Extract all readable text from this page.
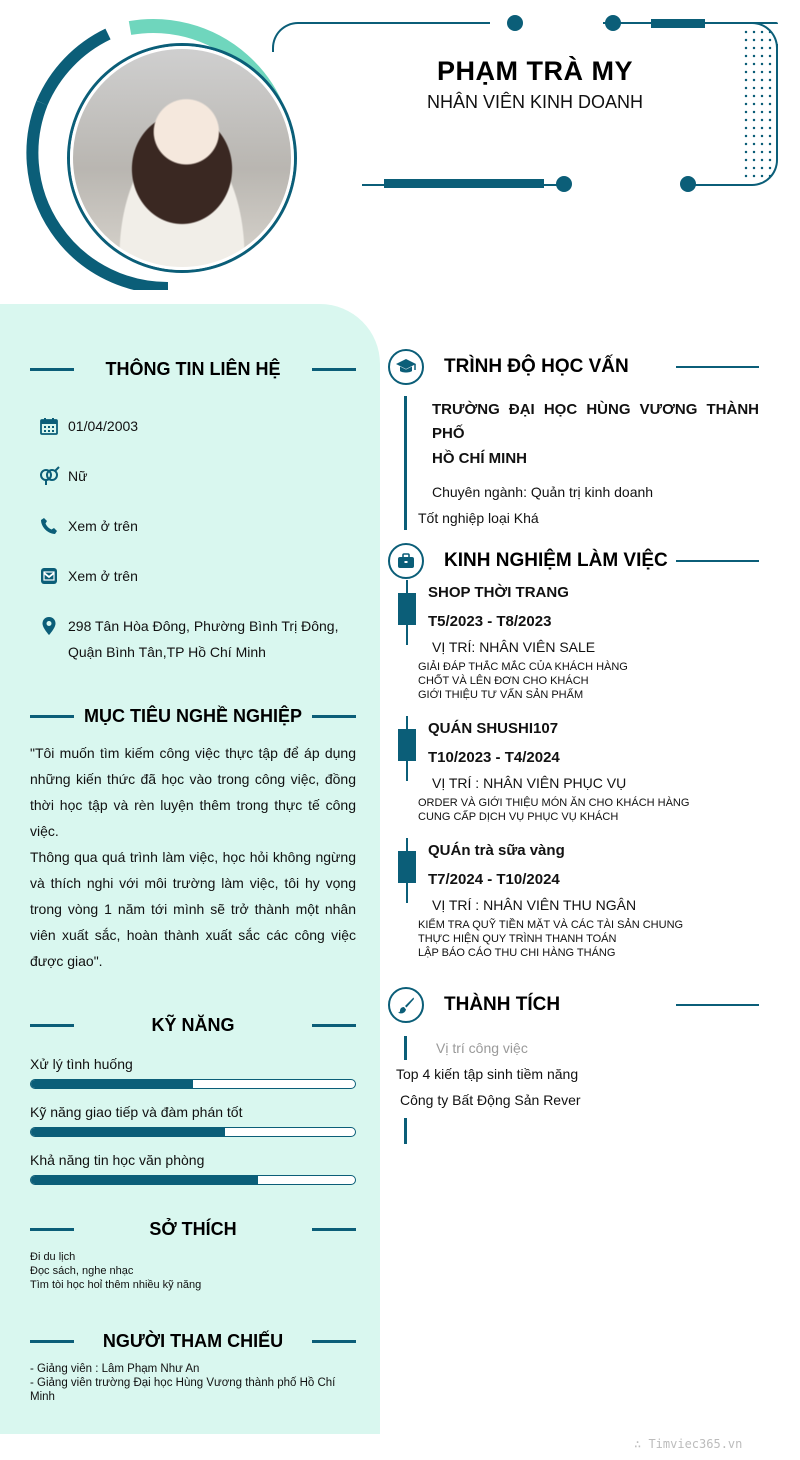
PHẠM TRÀ MY
NHÂN VIÊN KINH DOANH
THÔNG TIN LIÊN HỆ
01/04/2003
Nữ
Xem ở trên
Xem ở trên
298 Tân Hòa Đông, Phường Bình Trị Đông,
Quận Bình Tân,TP Hồ Chí Minh
MỤC TIÊU NGHỀ NGHIỆP
"Tôi muốn tìm kiếm công việc thực tập để áp dụng những kiến thức đã học vào trong công việc, đồng thời học tập và rèn luyện thêm trong thực tế công việc.
Thông qua quá trình làm việc, học hỏi không ngừng và thích nghi với môi trường làm việc, tôi hy vọng trong vòng 1 năm tới mình sẽ trở thành một nhân viên xuất sắc, hoàn thành xuất sắc các công việc được giao".
KỸ NĂNG
Xử lý tình huống
Kỹ năng giao tiếp và đàm phán tốt
Khả năng tin học văn phòng
SỞ THÍCH
Đi du lịch
Đọc sách, nghe nhạc
Tìm tòi học hoỉ thêm nhiều kỹ năng
NGƯỜI THAM CHIẾU
- Giảng viên : Lâm Phạm Như An
- Giảng viên trường Đại học Hùng Vương thành phố Hồ Chí Minh
TRÌNH ĐỘ HỌC VẤN
TRƯỜNG ĐẠI HỌC HÙNG VƯƠNG THÀNH PHỐ
HỒ CHÍ MINH
Chuyên ngành: Quản trị kinh doanh
Tốt nghiệp loại Khá
KINH NGHIỆM LÀM VIỆC
SHOP THỜI TRANG
T5/2023 - T8/2023
VỊ TRÍ: NHÂN VIÊN SALE
GIẢI ĐÁP THẮC MẮC CỦA KHÁCH HÀNG
CHỐT VÀ LÊN ĐƠN CHO KHÁCH
GIỚI THIỆU TƯ VẤN SẢN PHẨM
QUÁN SHUSHI107
T10/2023 - T4/2024
VỊ TRÍ : NHÂN VIÊN PHỤC VỤ
ORDER VÀ GIỚI THIỆU MÓN ĂN CHO KHÁCH HÀNG
CUNG CẤP DỊCH VỤ PHỤC VỤ KHÁCH
QUÁn trà sữa vàng
T7/2024 - T10/2024
VỊ TRÍ : NHÂN VIÊN THU NGÂN
KIỂM TRA QUỸ TIỀN MẶT VÀ CÁC TÀI SẢN CHUNG
THỰC HIỆN QUY TRÌNH THANH TOÁN
LẬP BÁO CÁO THU CHI HÀNG THÁNG
THÀNH TÍCH
Vị trí công việc
Top 4 kiến tập sinh tiềm năng
Công ty Bất Động Sản Rever
∴ Timviec365.vn
